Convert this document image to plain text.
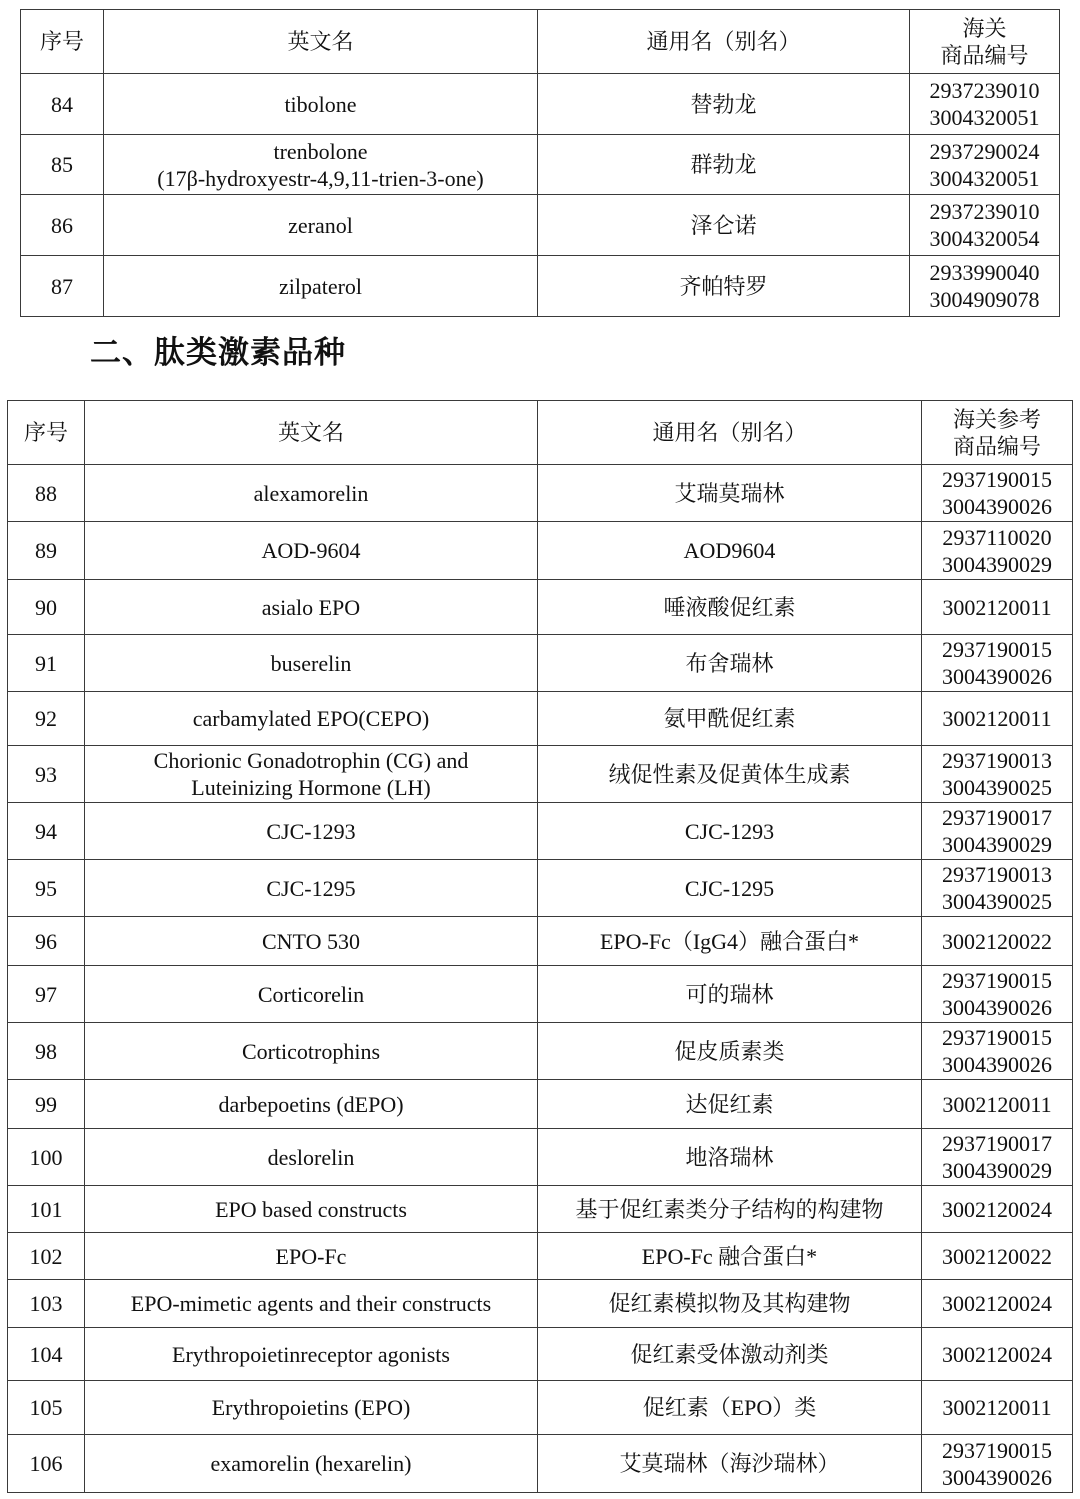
序号	英文名	通用名（别名）	海关
商品编号

84	tibolone	替勃龙	2937239010
3004320051

85	trenbolone
(17β-hydroxyestr-4,9,11-trien-3-one)	群勃龙	2937290024
3004320051

86	zeranol	泽仑诺	2937239010
3004320054

87	zilpaterol	齐帕特罗	2933990040
3004909078
二、肽类激素品种
序号	英文名	通用名（别名）	海关参考
商品编号

88	alexamorelin	艾瑞莫瑞林	2937190015
3004390026

89	AOD-9604	AOD9604	2937110020
3004390029

90	asialo EPO	唾液酸促红素	3002120011

91	buserelin	布舍瑞林	2937190015
3004390026

92	carbamylated EPO(CEPO)	氨甲酰促红素	3002120011

93	Chorionic Gonadotrophin (CG) and
Luteinizing Hormone (LH)	绒促性素及促黄体生成素	2937190013
3004390025

94	CJC-1293	CJC-1293	2937190017
3004390029

95	CJC-1295	CJC-1295	2937190013
3004390025

96	CNTO 530	EPO-Fc（IgG4）融合蛋白*	3002120022

97	Corticorelin	可的瑞林	2937190015
3004390026

98	Corticotrophins	促皮质素类	2937190015
3004390026

99	darbepoetins (dEPO)	达促红素	3002120011

100	deslorelin	地洛瑞林	2937190017
3004390029

101	EPO based constructs	基于促红素类分子结构的构建物	3002120024

102	EPO-Fc	EPO-Fc 融合蛋白*	3002120022

103	EPO-mimetic agents and their constructs	促红素模拟物及其构建物	3002120024

104	Erythropoietinreceptor agonists	促红素受体激动剂类	3002120024

105	Erythropoietins (EPO)	促红素（EPO）类	3002120011

106	examorelin (hexarelin)	艾莫瑞林（海沙瑞林）	2937190015
3004390026
